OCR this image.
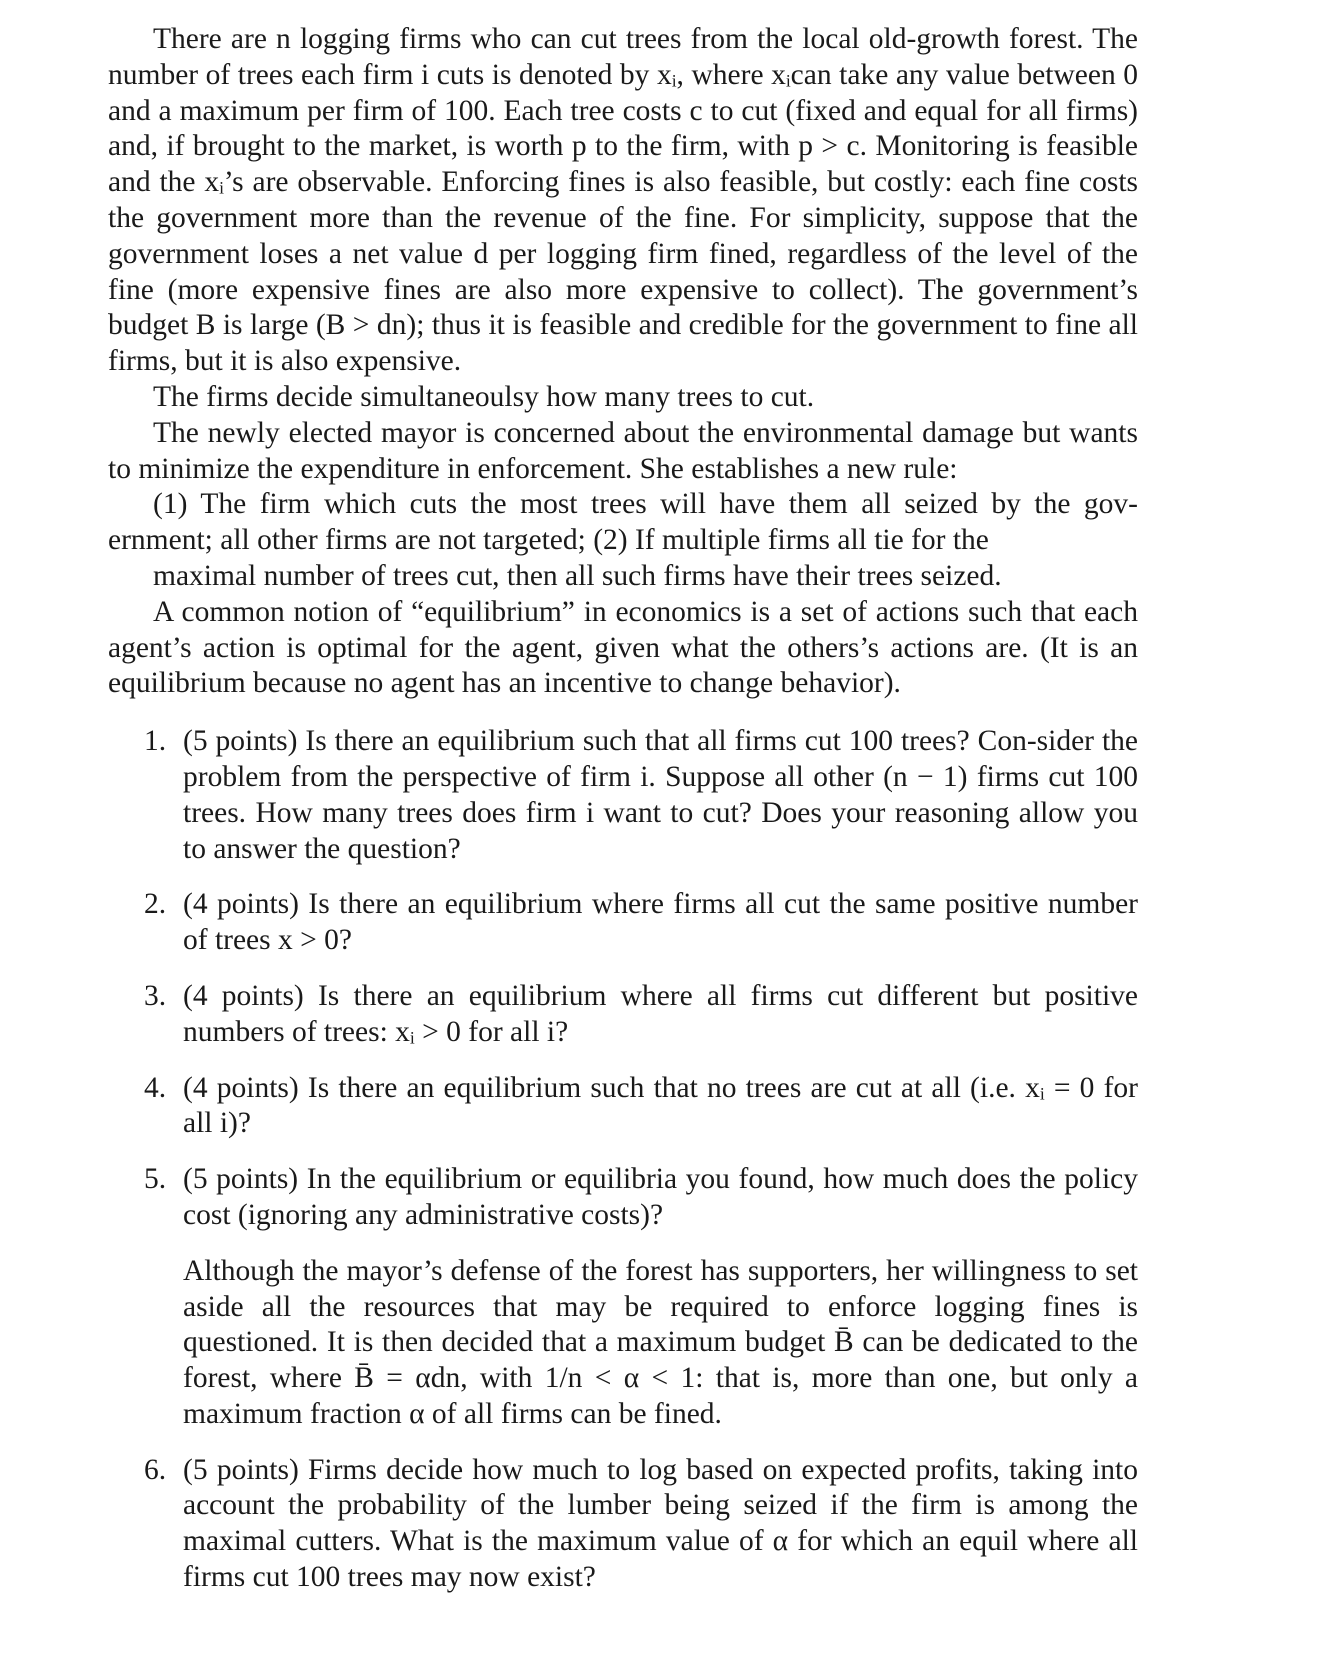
There are n logging firms who can cut trees from the local old-growth forest. The number of trees each firm i cuts is denoted by xᵢ, where xᵢcan take any value between 0 and a maximum per firm of 100. Each tree costs c to cut (fixed and equal for all firms) and, if brought to the market, is worth p to the firm, with p > c. Monitoring is feasible and the xᵢ’s are observable. Enforcing fines is also feasible, but costly: each fine costs the government more than the revenue of the fine. For simplicity, suppose that the government loses a net value d per logging firm fined, regardless of the level of the fine (more expensive fines are also more expensive to collect). The government’s budget B is large (B > dn); thus it is feasible and credible for the government to fine all firms, but it is also expensive.

The firms decide simultaneoulsy how many trees to cut.

The newly elected mayor is concerned about the environmental damage but wants to minimize the expenditure in enforcement. She establishes a new rule:

(1) The firm which cuts the most trees will have them all seized by the gov-ernment; all other firms are not targeted; (2) If multiple firms all tie for the

maximal number of trees cut, then all such firms have their trees seized.

A common notion of “equilibrium” in economics is a set of actions such that each agent’s action is optimal for the agent, given what the others’s actions are. (It is an equilibrium because no agent has an incentive to change behavior).

1. (5 points) Is there an equilibrium such that all firms cut 100 trees? Con-sider the problem from the perspective of firm i. Suppose all other (n − 1) firms cut 100 trees. How many trees does firm i want to cut? Does your reasoning allow you to answer the question?
2. (4 points) Is there an equilibrium where firms all cut the same positive number of trees x > 0?
3. (4 points) Is there an equilibrium where all firms cut different but positive numbers of trees: xᵢ > 0 for all i?
4. (4 points) Is there an equilibrium such that no trees are cut at all (i.e. xᵢ = 0 for all i)?
5. (5 points) In the equilibrium or equilibria you found, how much does the policy cost (ignoring any administrative costs)?

Although the mayor’s defense of the forest has supporters, her willingness to set aside all the resources that may be required to enforce logging fines is questioned. It is then decided that a maximum budget B̄ can be dedicated to the forest, where B̄ = αdn, with 1/n < α < 1: that is, more than one, but only a maximum fraction α of all firms can be fined.

6. (5 points) Firms decide how much to log based on expected profits, taking into account the probability of the lumber being seized if the firm is among the maximal cutters. What is the maximum value of α for which an equil where all firms cut 100 trees may now exist?
